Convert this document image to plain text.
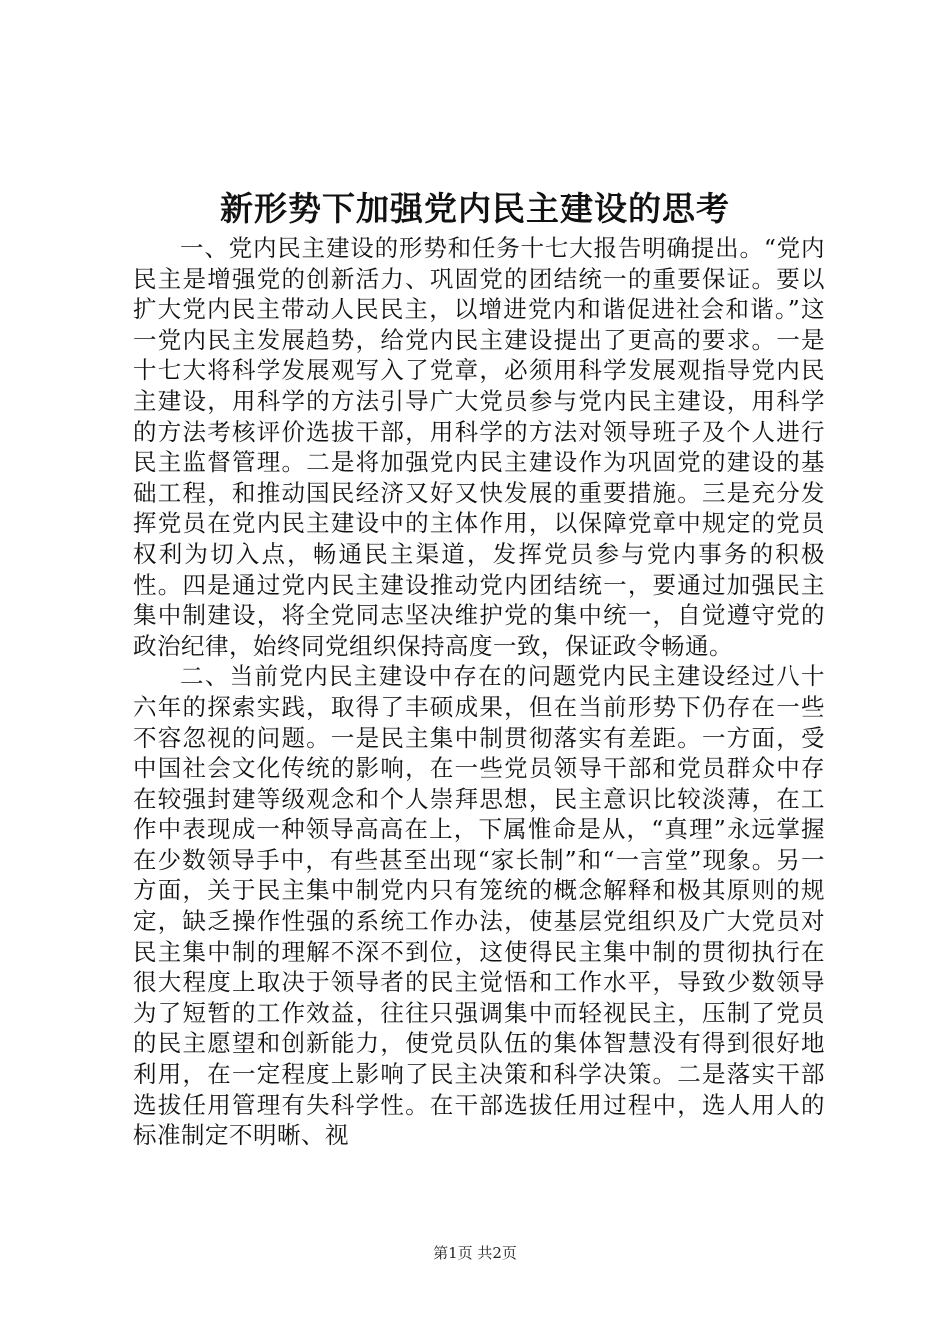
新形势下加强党内民主建设的思考

一、党内民主建设的形势和任务十七大报告明确提出。“党内民主是增强党的创新活力、巩固党的团结统一的重要保证。要以扩大党内民主带动人民民主，以增进党内和谐促进社会和谐。”这一党内民主发展趋势，给党内民主建设提出了更高的要求。一是十七大将科学发展观写入了党章，必须用科学发展观指导党内民主建设，用科学的方法引导广大党员参与党内民主建设，用科学的方法考核评价选拔干部，用科学的方法对领导班子及个人进行民主监督管理。二是将加强党内民主建设作为巩固党的建设的基础工程，和推动国民经济又好又快发展的重要措施。三是充分发挥党员在党内民主建设中的主体作用，以保障党章中规定的党员权利为切入点，畅通民主渠道，发挥党员参与党内事务的积极性。四是通过党内民主建设推动党内团结统一，要通过加强民主集中制建设，将全党同志坚决维护党的集中统一，自觉遵守党的政治纪律，始终同党组织保持高度一致，保证政令畅通。

二、当前党内民主建设中存在的问题党内民主建设经过八十六年的探索实践，取得了丰硕成果，但在当前形势下仍存在一些不容忽视的问题。一是民主集中制贯彻落实有差距。一方面，受中国社会文化传统的影响，在一些党员领导干部和党员群众中存在较强封建等级观念和个人崇拜思想，民主意识比较淡薄，在工作中表现成一种领导高高在上，下属惟命是从，“真理”永远掌握在少数领导手中，有些甚至出现“家长制”和“一言堂”现象。另一方面，关于民主集中制党内只有笼统的概念解释和极其原则的规定，缺乏操作性强的系统工作办法，使基层党组织及广大党员对民主集中制的理解不深不到位，这使得民主集中制的贯彻执行在很大程度上取决于领导者的民主觉悟和工作水平，导致少数领导为了短暂的工作效益，往往只强调集中而轻视民主，压制了党员的民主愿望和创新能力，使党员队伍的集体智慧没有得到很好地利用，在一定程度上影响了民主决策和科学决策。二是落实干部选拔任用管理有失科学性。在干部选拔任用过程中，选人用人的标准制定不明晰、视

第1页 共2页
